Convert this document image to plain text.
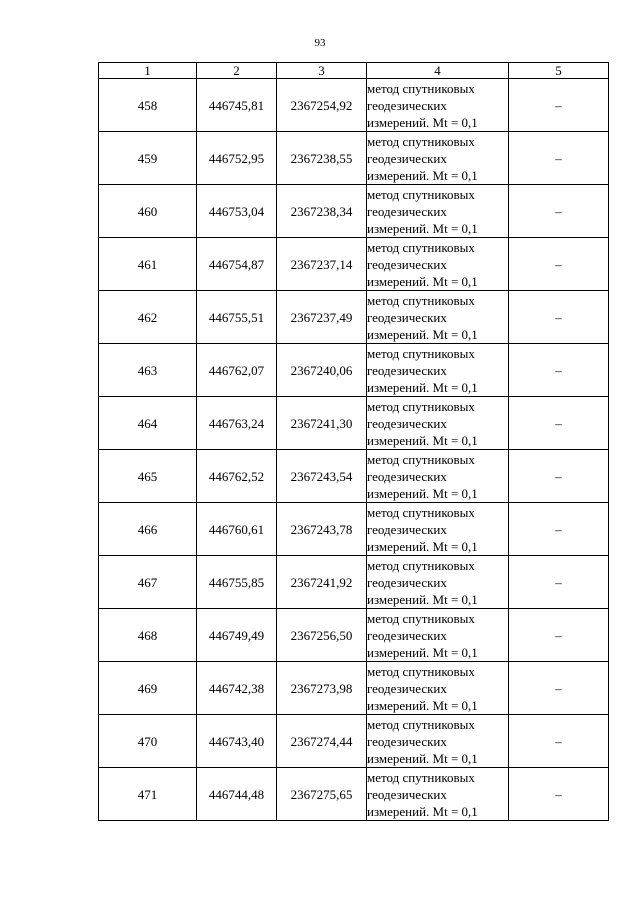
93
1	2	3	4	5
458	446745,81	2367254,92	метод спутниковых
геодезических
измерений. Mt = 0,1	–
459	446752,95	2367238,55	метод спутниковых
геодезических
измерений. Mt = 0,1	–
460	446753,04	2367238,34	метод спутниковых
геодезических
измерений. Mt = 0,1	–
461	446754,87	2367237,14	метод спутниковых
геодезических
измерений. Mt = 0,1	–
462	446755,51	2367237,49	метод спутниковых
геодезических
измерений. Mt = 0,1	–
463	446762,07	2367240,06	метод спутниковых
геодезических
измерений. Mt = 0,1	–
464	446763,24	2367241,30	метод спутниковых
геодезических
измерений. Mt = 0,1	–
465	446762,52	2367243,54	метод спутниковых
геодезических
измерений. Mt = 0,1	–
466	446760,61	2367243,78	метод спутниковых
геодезических
измерений. Mt = 0,1	–
467	446755,85	2367241,92	метод спутниковых
геодезических
измерений. Mt = 0,1	–
468	446749,49	2367256,50	метод спутниковых
геодезических
измерений. Mt = 0,1	–
469	446742,38	2367273,98	метод спутниковых
геодезических
измерений. Mt = 0,1	–
470	446743,40	2367274,44	метод спутниковых
геодезических
измерений. Mt = 0,1	–
471	446744,48	2367275,65	метод спутниковых
геодезических
измерений. Mt = 0,1	–
